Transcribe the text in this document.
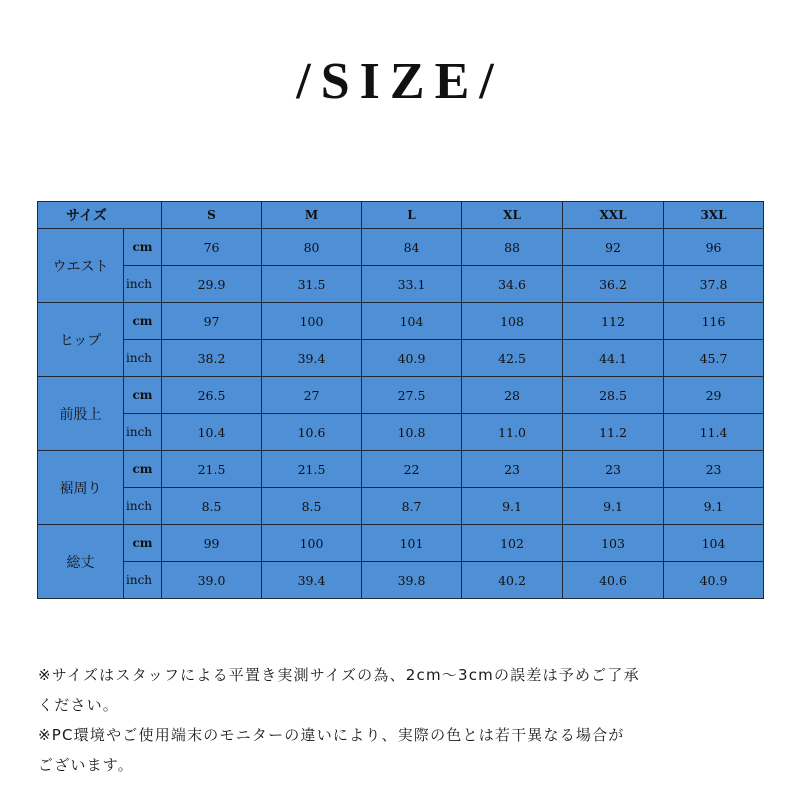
/SIZE/
サイズ		S	M	L	XL	XXL	3XL
ウエスト	cm	76	80	84	88	92	96
	inch	29.9	31.5	33.1	34.6	36.2	37.8
ヒップ	cm	97	100	104	108	112	116
	inch	38.2	39.4	40.9	42.5	44.1	45.7
前股上	cm	26.5	27	27.5	28	28.5	29
	inch	10.4	10.6	10.8	11.0	11.2	11.4
裾周り	cm	21.5	21.5	22	23	23	23
	inch	8.5	8.5	8.7	9.1	9.1	9.1
総丈	cm	99	100	101	102	103	104
	inch	39.0	39.4	39.8	40.2	40.6	40.9

※サイズはスタッフによる平置き実測サイズの為、2cm～3cmの誤差は予めご了承

ください。

※PC環境やご使用端末のモニターの違いにより、実際の色とは若干異なる場合が

ございます。
